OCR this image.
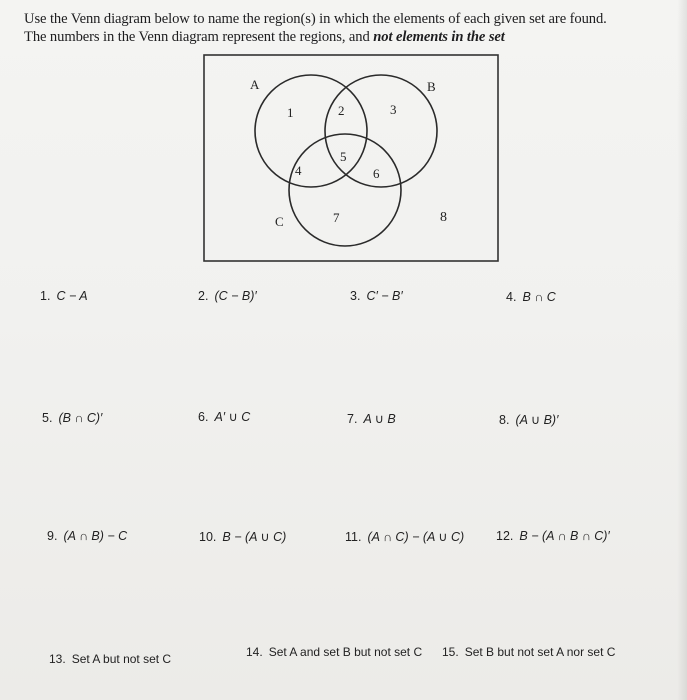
Use the Venn diagram below to name the region(s) in which the elements of each given set are found.
The numbers in the Venn diagram represent the regions, and not elements in the set
A	B
C
1	2	3
4
5
6
7	8
1. C − A	2. (C − B)′	3. C′ − B′	4. B ∩ C
5. (B ∩ C)′	6. A′ ∪ C	7. A ∪ B	8. (A ∪ B)′
9. (A ∩ B) − C	10. B − (A ∪ C)	11. (A ∩ C) − (A ∪ C)	12. B − (A ∩ B ∩ C)′
13. Set A but not set C	14. Set A and set B but not set C 15. Set B but not set A nor set C
